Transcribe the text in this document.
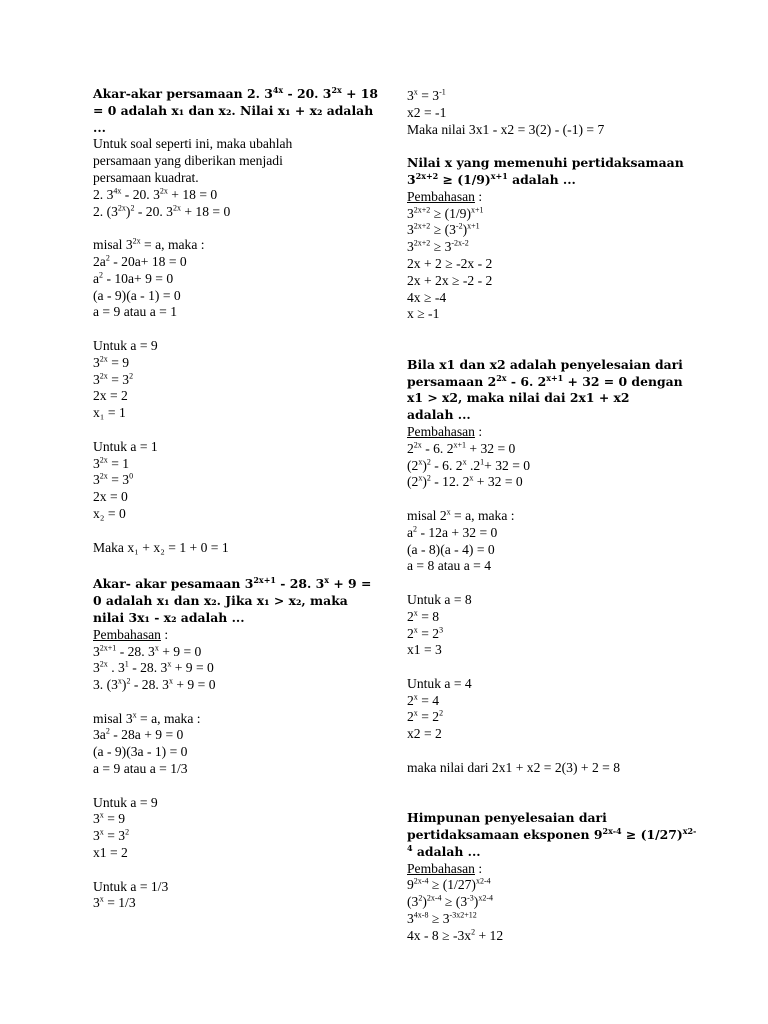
Akar-akar persamaan 2. $3^{4x} - 20$. $3^{2x} + 18$
= 0 adalah x₁ dan x₂. Nilai x₁ + x₂ adalah
...
Untuk soal seperti ini, maka ubahlah
persamaan yang diberikan menjadi
persamaan kuadrat.
2. $3^{4x} - 20$. $3^{2x} + 18 = 0$
2. $(3^{2x})^2 - 20$. $3^{2x} + 18 = 0$
misal $3^{2x} = a$, maka :
$2a^2 - 20a+ 18 = 0$
$a^2 - 10a+ 9 = 0$
(a - 9)(a - 1) = 0
a = 9 atau a = 1
Untuk a = 9
$3^{2x} = 9$
$3^{2x} = 3^2$
2x = 2
x₁ = 1
Untuk a = 1
$3^{2x} = 1$
$3^{2x} = 3^0$
2x = 0
x₂ = 0
Maka x₁ + x₂ = 1 + 0 = 1
Akar- akar pesamaan $3^{2x+1} - 28$. $3^x + 9$ =
0 adalah x₁ dan x₂. Jika x₁ > x₂, maka
nilai 3x₁ - x₂ adalah ...
Pembahasan :
$3^{2x+1} - 28$. $3^x + 9 = 0$
$3^{2x}$ . $3^1 - 28$. $3^x + 9 = 0$
3. $(3^x)^2 - 28$. $3^x + 9 = 0$
misal $3^x = a$, maka :
$3a^2 - 28a + 9 = 0$
(a - 9)(3a - 1) = 0
a = 9 atau a = 1/3
Untuk a = 9
$3^x = 9$
$3^x = 3^2$
x1 = 2
Untuk a = 1/3
$3^x = 1/3$
$3^x = 3^{-1}$
x2 = -1
Maka nilai 3x1 - x2 = 3(2) - (-1) = 7
Nilai x yang memenuhi pertidaksamaan
$3^{2x+2} \ge (1/9)^{x+1}$ adalah ...
Pembahasan :
$3^{2x+2} \ge (1/9)^{x+1}$
$3^{2x+2} \ge (3^{-2})^{x+1}$
$3^{2x+2} \ge 3^{-2x-2}$
2x + 2 ≥ -2x - 2
2x + 2x ≥ -2 - 2
4x ≥ -4
x ≥ -1
Bila x1 dan x2 adalah penyelesaian dari
persamaan $2^{2x} - 6$. $2^{x+1} + 32 = 0$ dengan
x1 > x2, maka nilai dai 2x1 + x2
adalah ...
Pembahasan :
$2^{2x} - 6$. $2^{x+1} + 32 = 0$
$(2^x)^2 - 6$. 2$^x$ $.2^1+ 32 = 0$
$(2^x)^2 - 12$. $2^x + 32 = 0$
misal $2^x = a$, maka :
$a^2 - 12a + 32 = 0$
(a - 8)(a - 4) = 0
a = 8 atau a = 4
Untuk a = 8
$2^x = 8$
$2^x = 2^3$
x1 = 3
Untuk a = 4
$2^x = 4$
$2^x = 2^2$
x2 = 2
maka nilai dari 2x1 + x2 = 2(3) + 2 = 8
Himpunan penyelesaian dari
pertidaksamaan eksponen $9^{2x-4} \ge (1/27)^{x2-}$
$^4$ adalah ...
Pembahasan :
$9^{2x-4} \ge (1/27)^{x2-4}$
$(3^2)^{2x-4} \ge (3^{-3})^{x2-4}$
$3^{4x-8} \ge 3^{-3x2+12}$
$4x - 8 \ge -3x^2 + 12$
